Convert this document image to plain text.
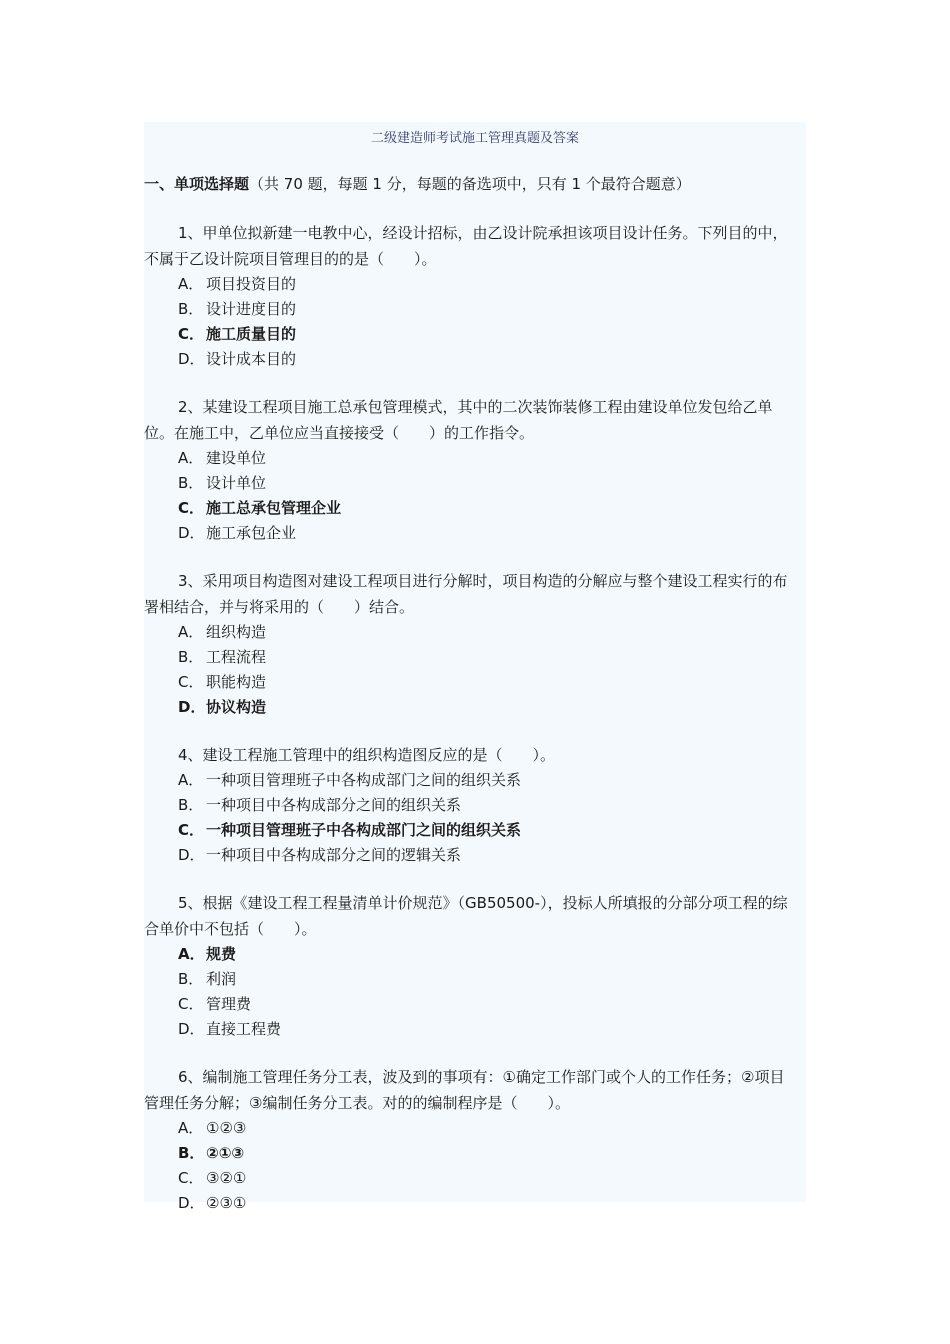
二级建造师考试施工管理真题及答案
一、单项选择题（共 70 题，每题 1 分，每题的备选项中，只有 1 个最符合题意）

1、甲单位拟新建一电教中心，经设计招标，由乙设计院承担该项目设计任务。下列目的中，不属于乙设计院项目管理目的的是（　　）。

A． 项目投资目的

B． 设计进度目的

C． 施工质量目的

D．设计成本目的

2、某建设工程项目施工总承包管理模式，其中的二次装饰装修工程由建设单位发包给乙单位。在施工中，乙单位应当直接接受（　　）的工作指令。

A． 建设单位

B． 设计单位

C． 施工总承包管理企业

D．施工承包企业

3、采用项目构造图对建设工程项目进行分解时，项目构造的分解应与整个建设工程实行的布署相结合，并与将采用的（　　）结合。

A． 组织构造

B． 工程流程

C． 职能构造

D．协议构造

4、建设工程施工管理中的组织构造图反应的是（　　）。

A． 一种项目管理班子中各构成部门之间的组织关系

B． 一种项目中各构成部分之间的组织关系

C． 一种项目管理班子中各构成部门之间的组织关系

D．一种项目中各构成部分之间的逻辑关系

5、根据《建设工程工程量清单计价规范》（GB50500-），投标人所填报的分部分项工程的综合单价中不包括（　　）。

A．规费

B． 利润

C． 管理费

D．直接工程费

6、编制施工管理任务分工表，波及到的事项有：①确定工作部门或个人的工作任务；②项目管理任务分解；③编制任务分工表。对的的编制程序是（　　）。

A． ①②③

B． ②①③

C． ③②①

D．②③①
